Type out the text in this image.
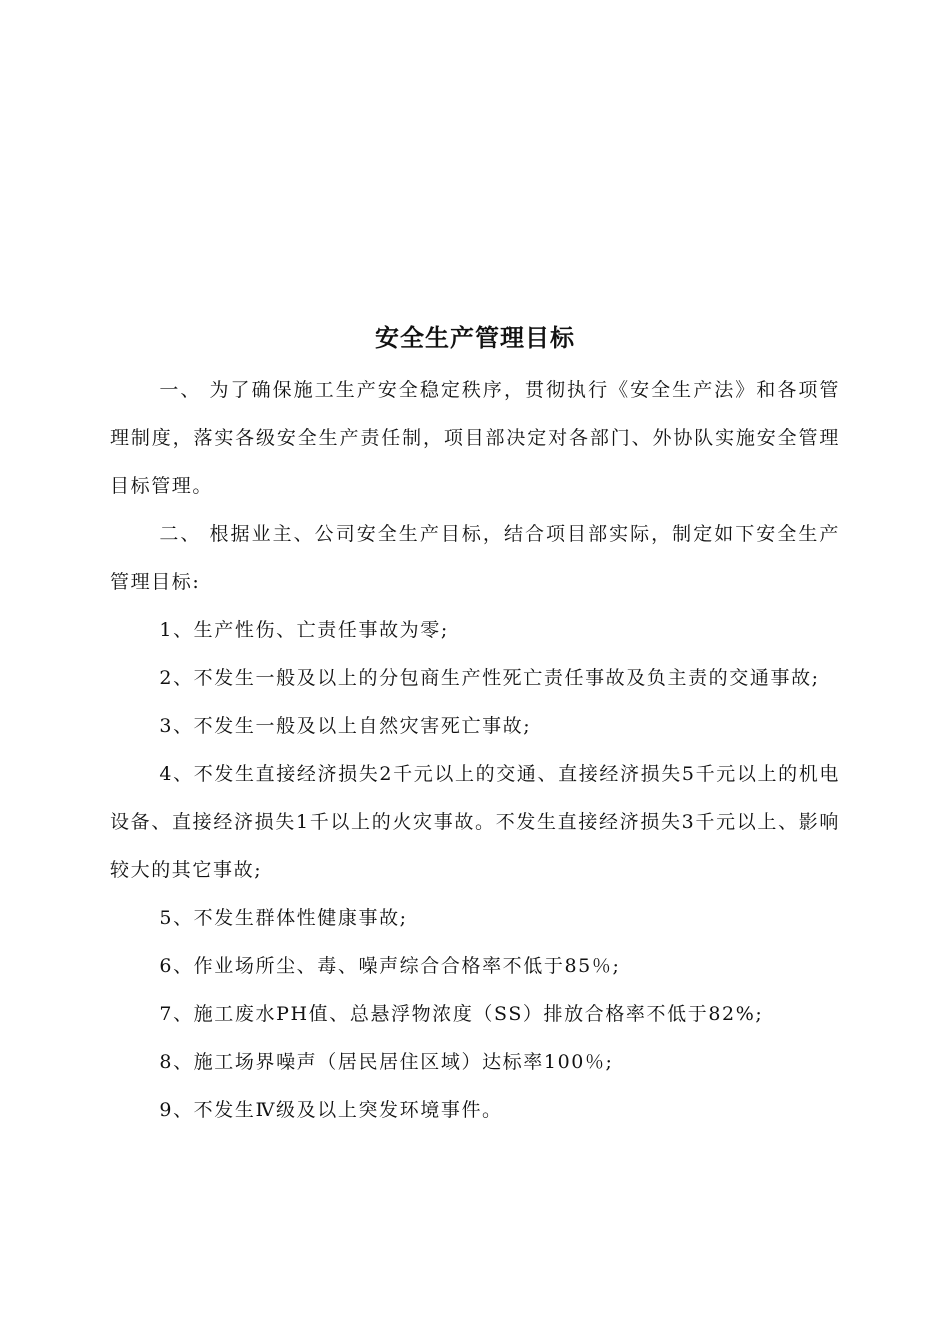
安全生产管理目标

一、 为了确保施工生产安全稳定秩序，贯彻执行《安全生产法》和各项管理制度，落实各级安全生产责任制，项目部决定对各部门、外协队实施安全管理目标管理。

二、 根据业主、公司安全生产目标，结合项目部实际，制定如下安全生产管理目标:

1、生产性伤、亡责任事故为零;

2、不发生一般及以上的分包商生产性死亡责任事故及负主责的交通事故;

3、不发生一般及以上自然灾害死亡事故;

4、不发生直接经济损失2千元以上的交通、直接经济损失5千元以上的机电设备、直接经济损失1千以上的火灾事故。不发生直接经济损失3千元以上、影响较大的其它事故;

5、不发生群体性健康事故;

6、作业场所尘、毒、噪声综合合格率不低于85％;

7、施工废水PH值、总悬浮物浓度（SS）排放合格率不低于82%;

8、施工场界噪声（居民居住区域）达标率100％;

9、不发生Ⅳ级及以上突发环境事件。
